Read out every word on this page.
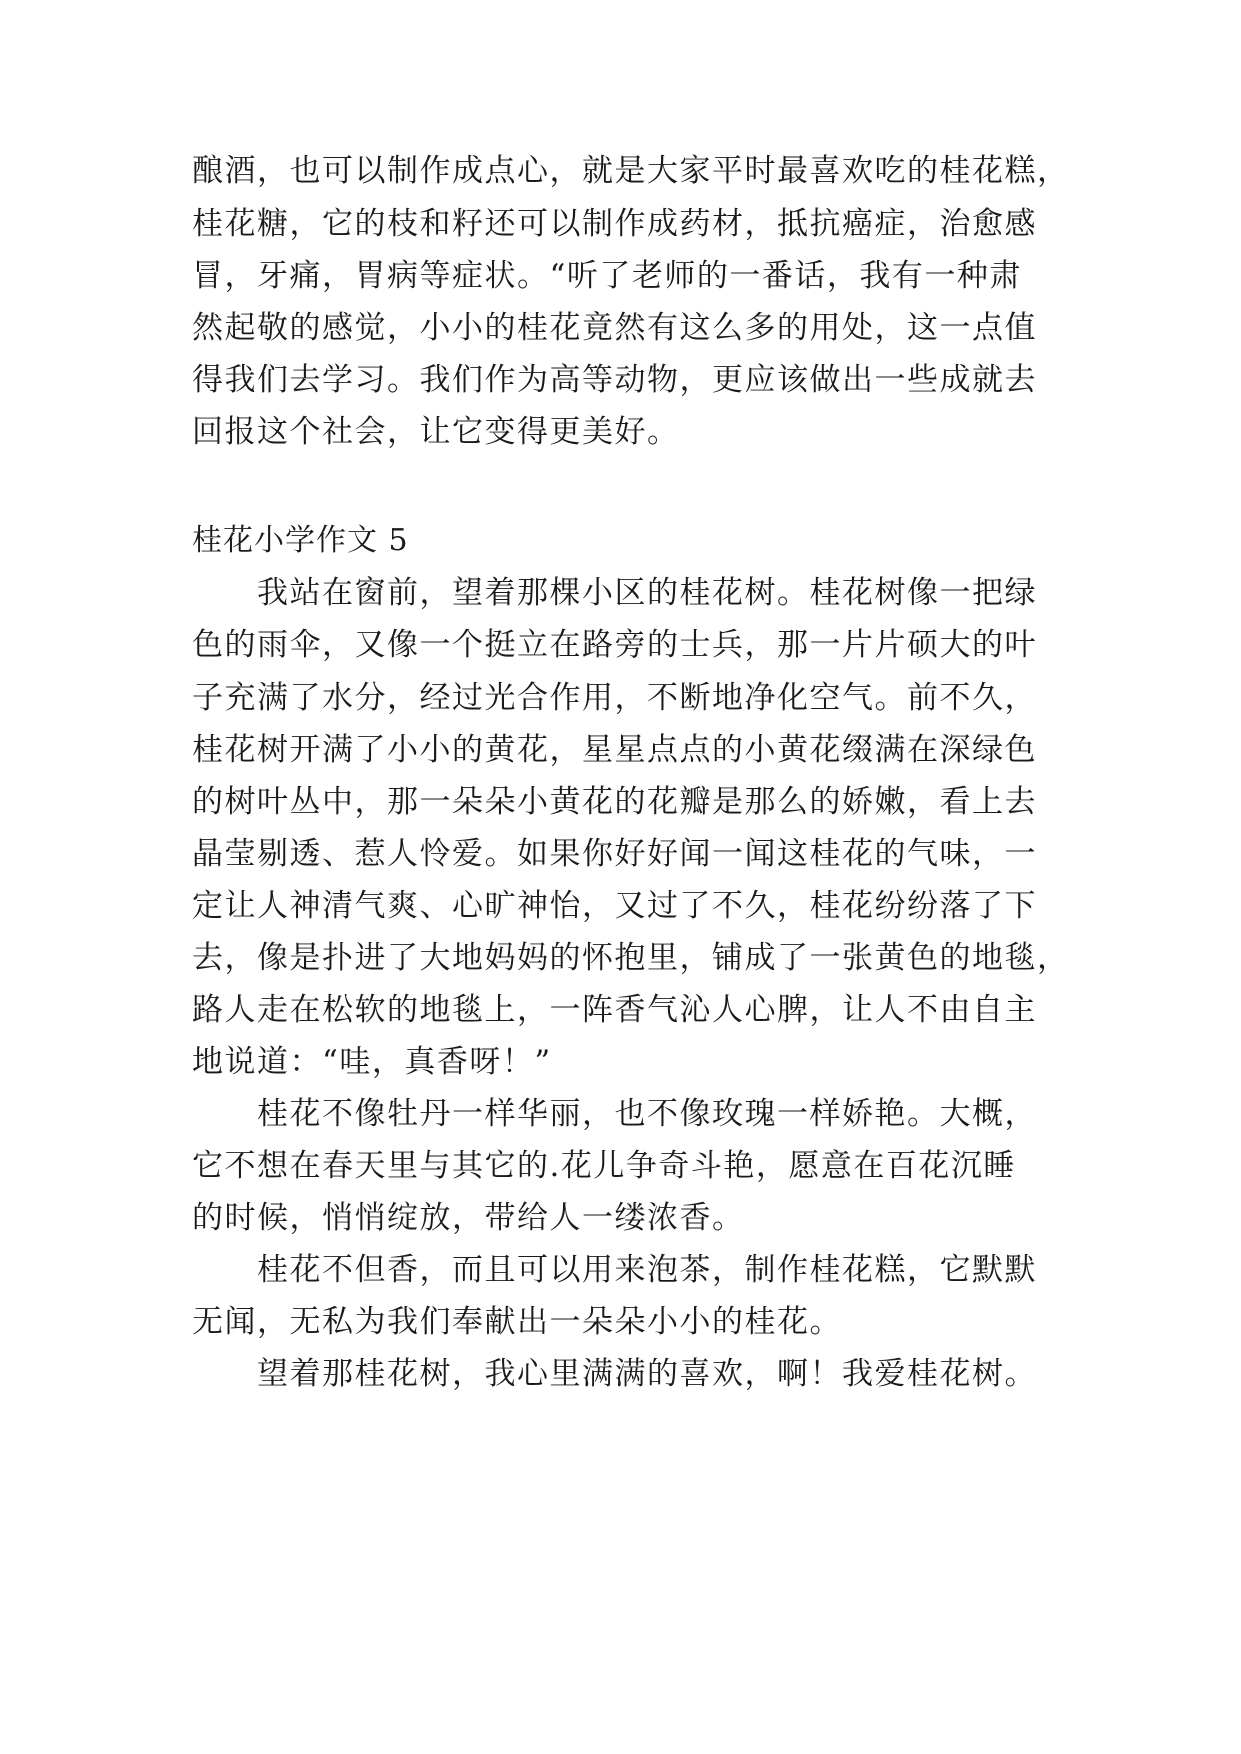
酿酒，也可以制作成点心，就是大家平时最喜欢吃的桂花糕，

桂花糖，它的枝和籽还可以制作成药材，抵抗癌症，治愈感

冒，牙痛，胃病等症状。“听了老师的一番话，我有一种肃

然起敬的感觉，小小的桂花竟然有这么多的用处，这一点值

得我们去学习。我们作为高等动物，更应该做出一些成就去

回报这个社会，让它变得更美好。

桂花小学作文 5

我站在窗前，望着那棵小区的桂花树。桂花树像一把绿

色的雨伞，又像一个挺立在路旁的士兵，那一片片硕大的叶

子充满了水分，经过光合作用，不断地净化空气。前不久，

桂花树开满了小小的黄花，星星点点的小黄花缀满在深绿色

的树叶丛中，那一朵朵小黄花的花瓣是那么的娇嫩，看上去

晶莹剔透、惹人怜爱。如果你好好闻一闻这桂花的气味，一

定让人神清气爽、心旷神怡，又过了不久，桂花纷纷落了下

去，像是扑进了大地妈妈的怀抱里，铺成了一张黄色的地毯，

路人走在松软的地毯上，一阵香气沁人心脾，让人不由自主

地说道：“哇，真香呀！”

桂花不像牡丹一样华丽，也不像玫瑰一样娇艳。大概，

它不想在春天里与其它的.花儿争奇斗艳，愿意在百花沉睡

的时候，悄悄绽放，带给人一缕浓香。

桂花不但香，而且可以用来泡茶，制作桂花糕，它默默

无闻，无私为我们奉献出一朵朵小小的桂花。

望着那桂花树，我心里满满的喜欢，啊！我爱桂花树。
